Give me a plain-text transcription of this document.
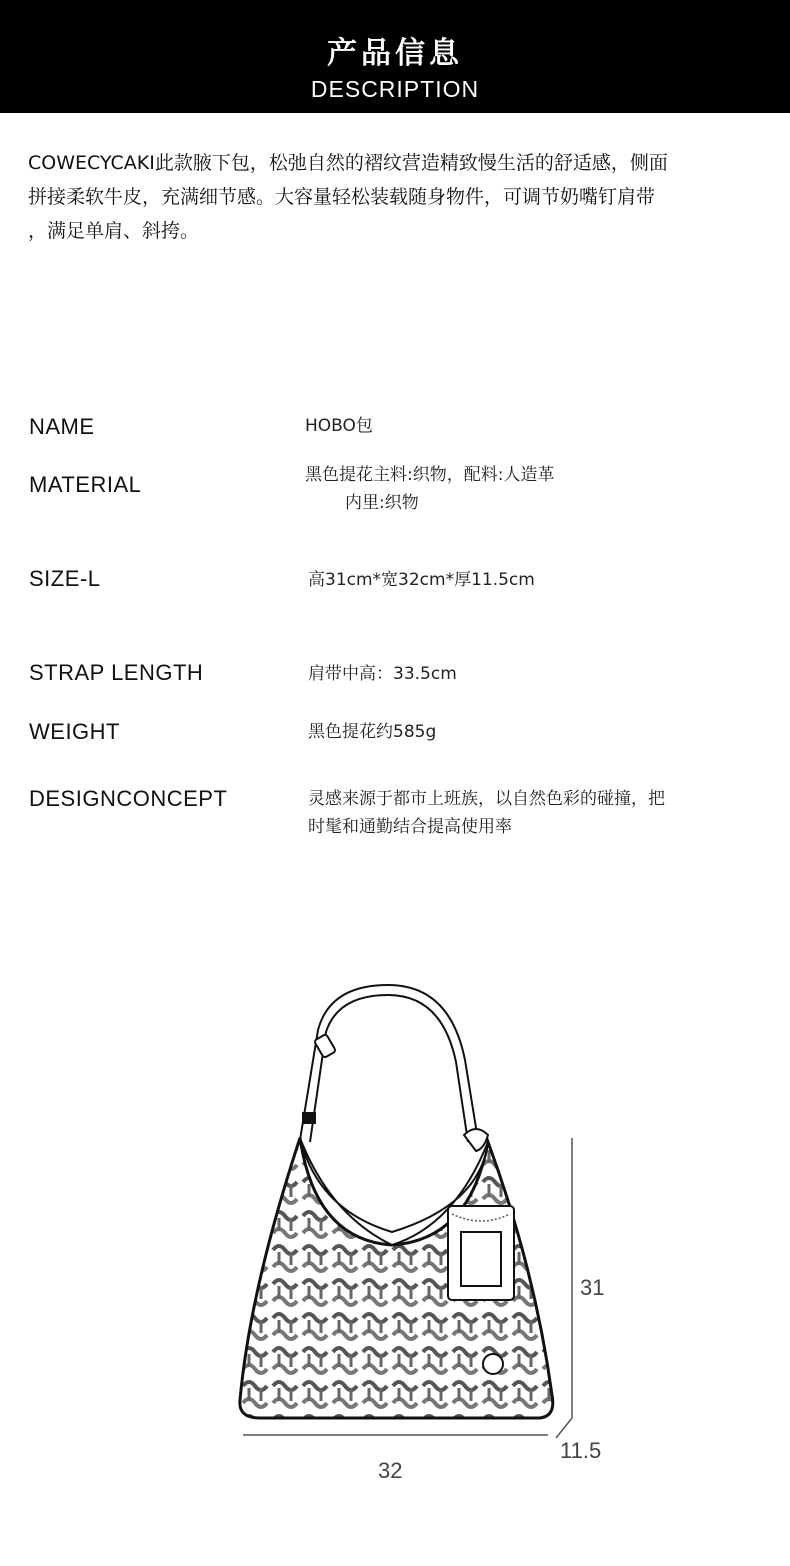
产品信息
DESCRIPTION
COWECYCAKI此款腋下包，松弛自然的褶纹营造精致慢生活的舒适感，侧面
拼接柔软牛皮，充满细节感。大容量轻松装载随身物件，可调节奶嘴钉肩带
，满足单肩、斜挎。
NAME	HOBO包
MATERIAL	黑色提花主料:织物，配料:人造革
内里:织物
SIZE-L	高31cm*宽32cm*厚11.5cm
STRAP LENGTH	肩带中高：33.5cm
WEIGHT	黑色提花约585g
DESIGNCONCEPT	灵感来源于都市上班族，以自然色彩的碰撞，把
时髦和通勤结合提高使用率
31
32
11.5
